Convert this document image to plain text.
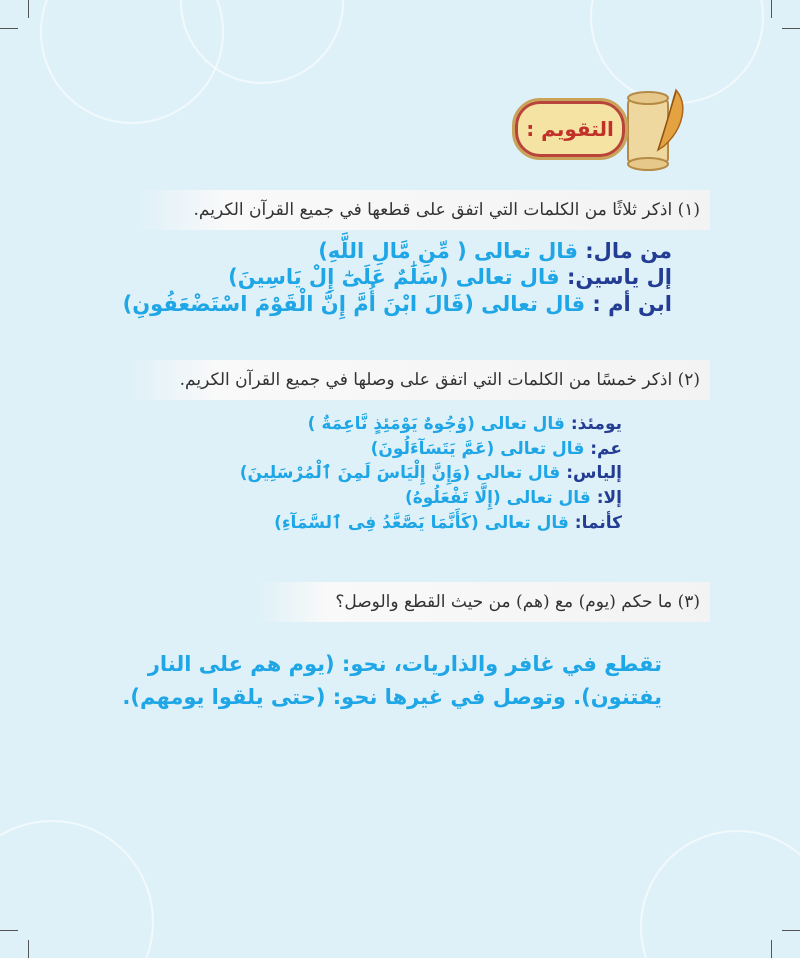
التقويم :
(١) اذكر ثلاثًا من الكلمات التي اتفق على قطعها في جميع القرآن الكريم.
من مال: قال تعالى ( مِّنِ مَّالِ اللَّهِ)
إل ياسين: قال تعالى (سَلَٰمٌ عَلَىٰٓ إِلْ يَاسِينَ)
ابن أم : قال تعالى (قَالَ ابْنَ أُمَّ إِنَّ الْقَوْمَ اسْتَضْعَفُونِ)
(٢) اذكر خمسًا من الكلمات التي اتفق على وصلها في جميع القرآن الكريم.
يومئذ: قال تعالى (وُجُوهٌ يَوْمَئِذٍ نَّاعِمَةٌ )
عم: قال تعالى (عَمَّ يَتَسَآءَلُونَ)
إلياس: قال تعالى (وَإِنَّ إِلْيَاسَ لَمِنَ ٱلْمُرْسَلِينَ)
إلا: قال تعالى (إِلَّا تَفْعَلُوهُ)
كأنما: قال تعالى (كَأَنَّمَا يَصَّعَّدُ فِى ٱلسَّمَآءِ)
(٣) ما حكم (يوم) مع (هم) من حيث القطع والوصل؟
تقطع في غافر والذاريات، نحو: (يوم هم على النار
يفتنون). وتوصل في غيرها نحو: (حتى يلقوا يومهم).
